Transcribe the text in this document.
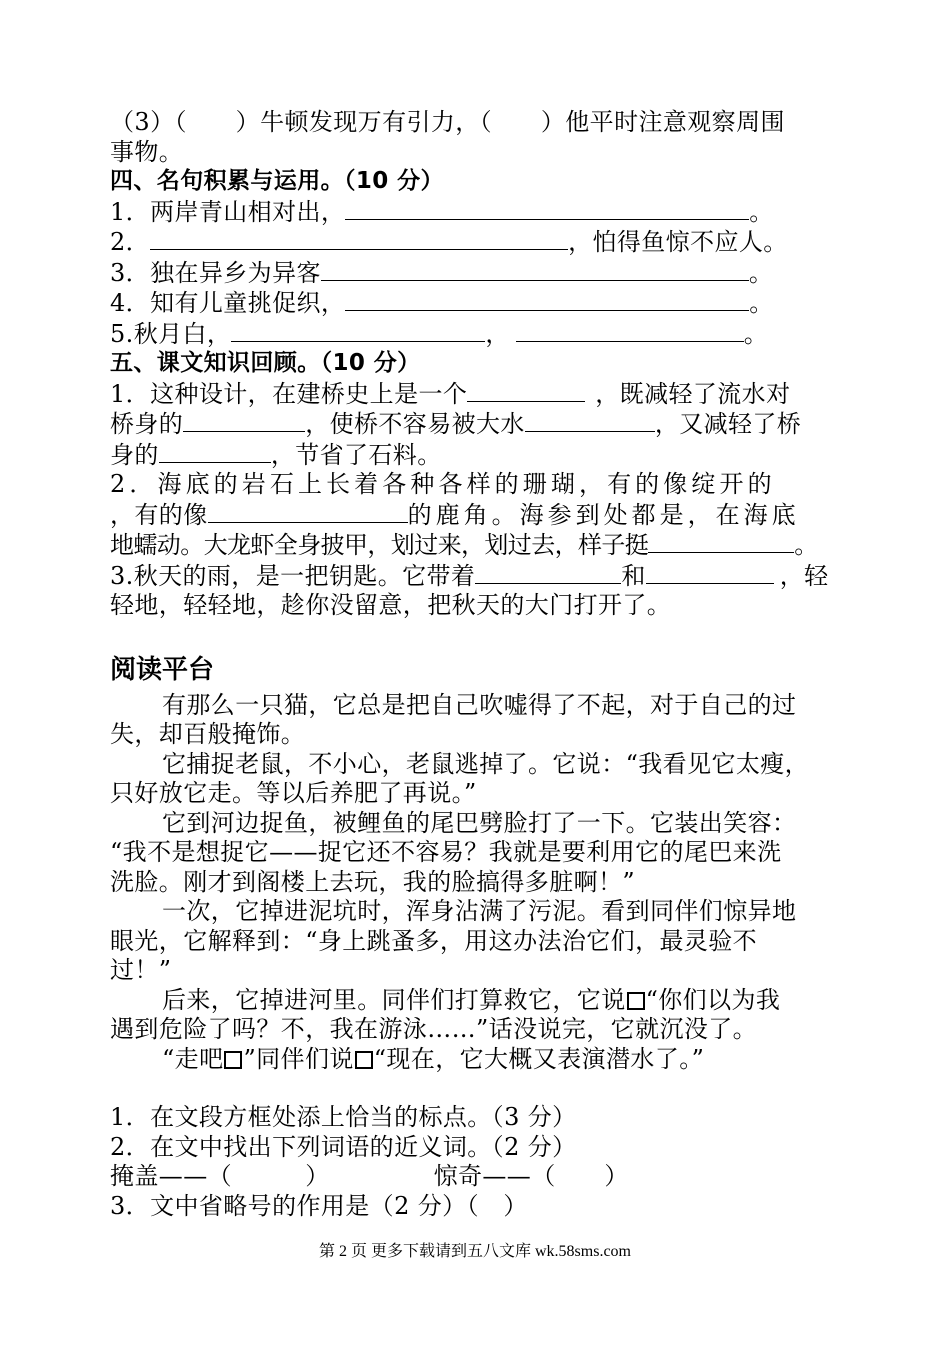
（3）（　　）牛顿发现万有引力，（　　）他平时注意观察周围
事物。
四、名句积累与运用。（10 分）
1．两岸青山相对出，	。
2．	，怕得鱼惊不应人。
3．独在异乡为异客	。
4．知有儿童挑促织，	。
5.秋月白，	，	。
五、课文知识回顾。（10 分）
1．这种设计，在建桥史上是一个	，既减轻了流水对
桥身的	，使桥不容易被大水	，又减轻了桥
身的	，节省了石料。
2．海底的岩石上长着各种各样的珊瑚，有的像绽开的
，有的像	的鹿角。海参到处都是，在海底
地蠕动。大龙虾全身披甲，划过来，划过去，样子挺	。
3.秋天的雨，是一把钥匙。它带着	和	，轻
轻地，轻轻地，趁你没留意，把秋天的大门打开了。
阅读平台
有那么一只猫，它总是把自己吹嘘得了不起，对于自己的过
失，却百般掩饰。
它捕捉老鼠，不小心，老鼠逃掉了。它说：“我看见它太瘦，
只好放它走。等以后养肥了再说。”
它到河边捉鱼，被鲤鱼的尾巴劈脸打了一下。它装出笑容：
“我不是想捉它——捉它还不容易？我就是要利用它的尾巴来洗
洗脸。刚才到阁楼上去玩，我的脸搞得多脏啊！”
一次，它掉进泥坑时，浑身沾满了污泥。看到同伴们惊异地
眼光，它解释到：“身上跳蚤多，用这办法治它们，最灵验不
过！”
后来，它掉进河里。同伴们打算救它，它说 “你们以为我
遇到危险了吗？不，我在游泳……”话没说完，它就沉没了。
“走吧 ”同伴们说 “现在，它大概又表演潜水了。”
1．在文段方框处添上恰当的标点。（3 分）
2．在文中找出下列词语的近义词。（2 分）
掩盖——（　　　）	惊奇——（　　）
3．文中省略号的作用是（2 分）（　）
第 2 页 更多下载请到五八文库 wk.58sms.com
